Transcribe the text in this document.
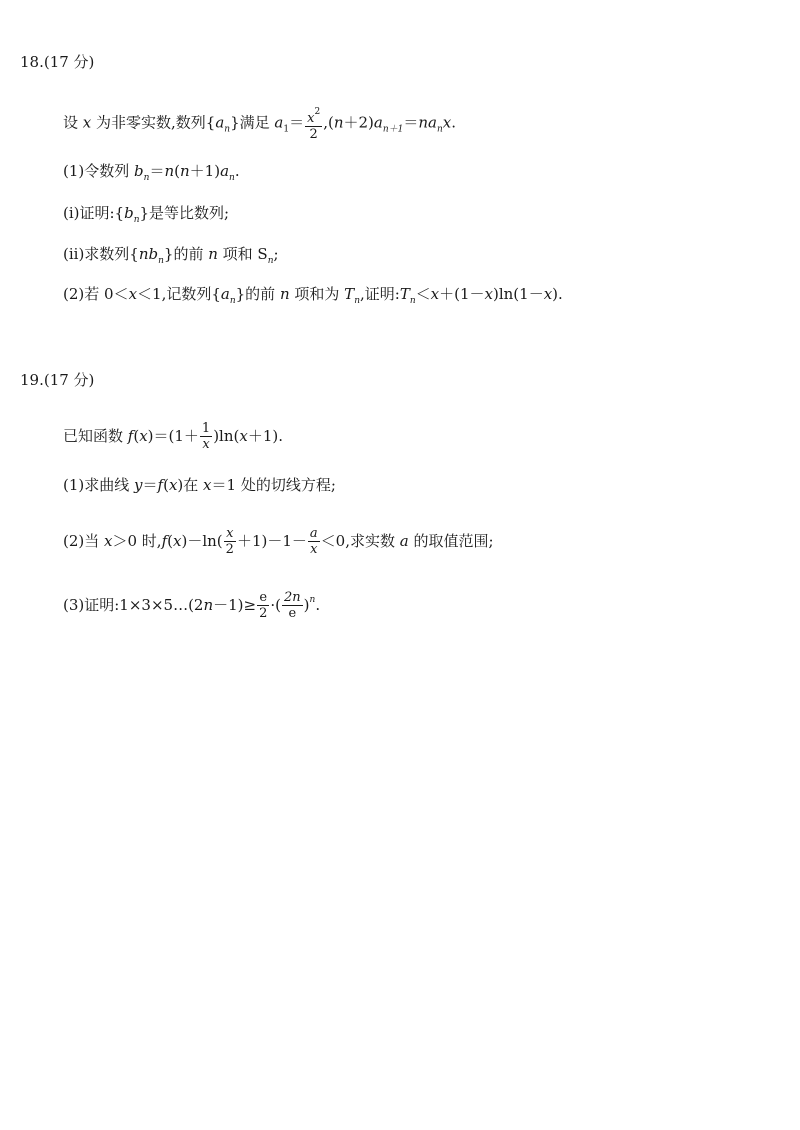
18.(17 分)
设 x 为非零实数,数列$\{a_n\}$满足 $a_1= \frac{x^2}{2} ,(n+2)a_{n+1}=na_nx$.
(1)令数列 $b_n=n(n+1)a_n$.
(i)证明$:\{b_n\}$是等比数列;
(ii)求数列$\{nb_n\}$的前 n 项和 $S_n$;
(2)若 0＜x＜1,记数列$\{a_n\}$的前 n 项和为 $T_n$,证明$:T_n<x+(1-x)\ln(1-x)$.
19.(17 分)
已知函数 $f(x)=(1+ \frac{1}{x} )\ln(x+1)$.
(1)求曲线 y＝f(x)在 x＝1 处的切线方程;
(2)当 x＞0 时$,f(x)-\ln( \frac{x}{2} +1)-1- \frac{a}{x} <0$,求实数 a 的取值范围;
(3)证明:1×3×5…(2n－1)≥ $\frac{e}{2}$ ·( $\frac{2n}{e} )^n$.
